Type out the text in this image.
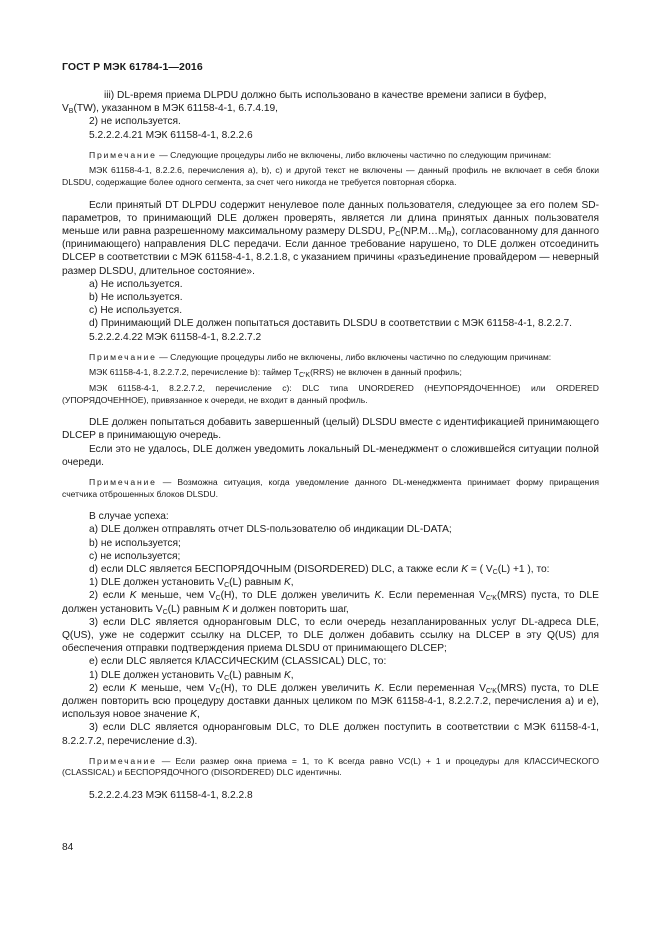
ГОСТ Р МЭК 61784-1—2016

iii) DL-время приема DLPDU должно быть использовано в качестве времени записи в буфер,

$V_B(TW)$, указанном в МЭК 61158-4-1, 6.7.4.19,

2) не используется.

5.2.2.2.4.21 МЭК 61158-4-1, 8.2.2.6

Примечание — Следующие процедуры либо не включены, либо включены частично по следующим причинам:

МЭК 61158-4-1, 8.2.2.6, перечисления a), b), c) и другой текст не включены — данный профиль не включает в себя блоки DLSDU, содержащие более одного сегмента, за счет чего никогда не требуется повторная сборка.

Если принятый DT DLPDU содержит ненулевое поле данных пользователя, следующее за его полем SD-параметров, то принимающий DLE должен проверять, является ли длина принятых данных пользователя меньше или равна разрешенному максимальному размеру DLSDU, $P_C(NP.M\dots M_R)$, согласованному для данного (принимающего) направления DLC передачи. Если данное требование нарушено, то DLE должен отсоединить DLCEP в соответствии с МЭК 61158-4-1, 8.2.1.8, с указанием причины «разъединение провайдером — неверный размер DLSDU, длительное состояние».

a) Не используется.

b) Не используется.

c) Не используется.

d) Принимающий DLE должен попытаться доставить DLSDU в соответствии с МЭК 61158-4-1, 8.2.2.7.

5.2.2.2.4.22 МЭК 61158-4-1, 8.2.2.7.2

Примечание — Следующие процедуры либо не включены, либо включены частично по следующим причинам:

МЭК 61158-4-1, 8.2.2.7.2, перечисление b): таймер $T_{C'K}(RRS)$ не включен в данный профиль;

МЭК 61158-4-1, 8.2.2.7.2, перечисление c): DLC типа UNORDERED (НЕУПОРЯДОЧЕННОЕ) или ORDERED (УПОРЯДОЧЕННОЕ), привязанное к очереди, не входит в данный профиль.

DLE должен попытаться добавить завершенный (целый) DLSDU вместе с идентификацией принимающего DLCEP в принимающую очередь.

Если это не удалось, DLE должен уведомить локальный DL-менеджмент о сложившейся ситуации полной очереди.

Примечание — Возможна ситуация, когда уведомление данного DL-менеджмента принимает форму приращения счетчика отброшенных блоков DLSDU.

В случае успеха:

a) DLE должен отправлять отчет DLS-пользователю об индикации DL-DATA;

b) не используется;

c) не используется;

d) если DLC является БЕСПОРЯДОЧНЫМ (DISORDERED) DLC, а также если K = ( $V_C(L) +1$ ), то:

1) DLE должен установить $V_C(L)$ равным K,

2) если K меньше, чем $V_C(H)$, то DLE должен увеличить K. Если переменная $V_{C'K}(MRS)$ пуста, то DLE должен установить $V_C(L)$ равным K и должен повторить шаг,

3) если DLC является одноранговым DLC, то если очередь незапланированных услуг DL-адреса DLE, Q(US), уже не содержит ссылку на DLCEP, то DLE должен добавить ссылку на DLCEP в эту Q(US) для обеспечения отправки подтверждения приема DLSDU от принимающего DLCEP;

e) если DLC является КЛАССИЧЕСКИМ (CLASSICAL) DLC, то:

1) DLE должен установить $V_C(L)$ равным K,

2) если K меньше, чем $V_C(H)$, то DLE должен увеличить K. Если переменная $V_{C'K}(MRS)$ пуста, то DLE должен повторить всю процедуру доставки данных целиком по МЭК 61158-4-1, 8.2.2.7.2, перечисления a) и e), используя новое значение K,

3) если DLC является одноранговым DLC, то DLE должен поступить в соответствии с МЭК 61158-4-1, 8.2.2.7.2, перечисление d.3).

Примечание — Если размер окна приема = 1, то K всегда равно VC(L) + 1 и процедуры для КЛАССИЧЕСКОГО (CLASSICAL) и БЕСПОРЯДОЧНОГО (DISORDERED) DLC идентичны.

5.2.2.2.4.23 МЭК 61158-4-1, 8.2.2.8

84
